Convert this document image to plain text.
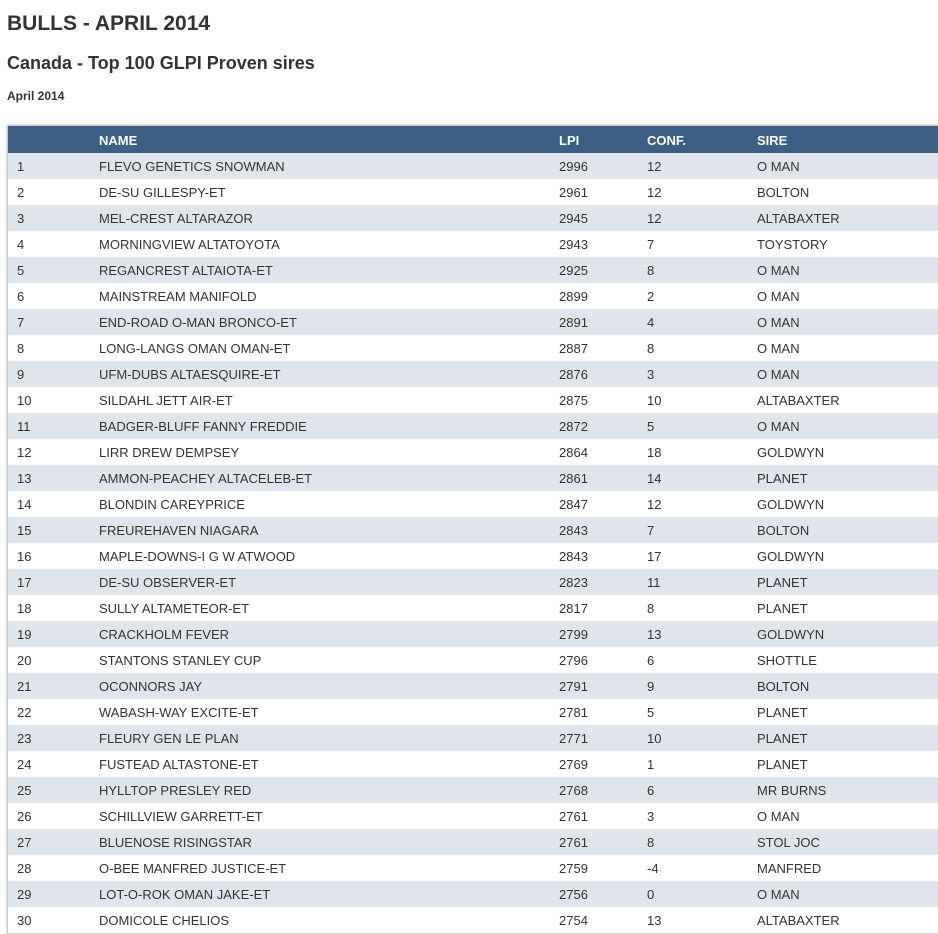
BULLS - APRIL 2014
Canada - Top 100 GLPI Proven sires
April 2014
	NAME	LPI	CONF.	SIRE
1	FLEVO GENETICS SNOWMAN	2996	12	O MAN
2	DE-SU GILLESPY-ET	2961	12	BOLTON
3	MEL-CREST ALTARAZOR	2945	12	ALTABAXTER
4	MORNINGVIEW ALTATOYOTA	2943	7	TOYSTORY
5	REGANCREST ALTAIOTA-ET	2925	8	O MAN
6	MAINSTREAM MANIFOLD	2899	2	O MAN
7	END-ROAD O-MAN BRONCO-ET	2891	4	O MAN
8	LONG-LANGS OMAN OMAN-ET	2887	8	O MAN
9	UFM-DUBS ALTAESQUIRE-ET	2876	3	O MAN
10	SILDAHL JETT AIR-ET	2875	10	ALTABAXTER
11	BADGER-BLUFF FANNY FREDDIE	2872	5	O MAN
12	LIRR DREW DEMPSEY	2864	18	GOLDWYN
13	AMMON-PEACHEY ALTACELEB-ET	2861	14	PLANET
14	BLONDIN CAREYPRICE	2847	12	GOLDWYN
15	FREUREHAVEN NIAGARA	2843	7	BOLTON
16	MAPLE-DOWNS-I G W ATWOOD	2843	17	GOLDWYN
17	DE-SU OBSERVER-ET	2823	11	PLANET
18	SULLY ALTAMETEOR-ET	2817	8	PLANET
19	CRACKHOLM FEVER	2799	13	GOLDWYN
20	STANTONS STANLEY CUP	2796	6	SHOTTLE
21	OCONNORS JAY	2791	9	BOLTON
22	WABASH-WAY EXCITE-ET	2781	5	PLANET
23	FLEURY GEN LE PLAN	2771	10	PLANET
24	FUSTEAD ALTASTONE-ET	2769	1	PLANET
25	HYLLTOP PRESLEY RED	2768	6	MR BURNS
26	SCHILLVIEW GARRETT-ET	2761	3	O MAN
27	BLUENOSE RISINGSTAR	2761	8	STOL JOC
28	O-BEE MANFRED JUSTICE-ET	2759	-4	MANFRED
29	LOT-O-ROK OMAN JAKE-ET	2756	0	O MAN
30	DOMICOLE CHELIOS	2754	13	ALTABAXTER
